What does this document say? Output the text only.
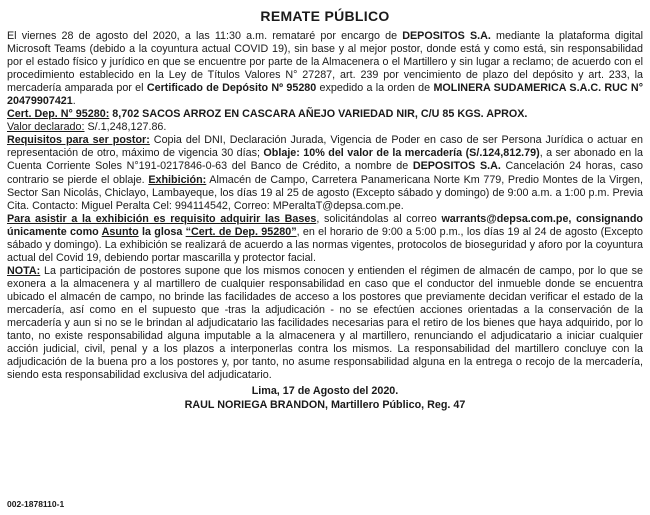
REMATE PÚBLICO

El viernes 28 de agosto del 2020, a las 11:30 a.m. remataré por encargo de DEPOSITOS S.A. mediante la plataforma digital Microsoft Teams (debido a la coyuntura actual COVID 19), sin base y al mejor postor, donde está y como está, sin responsabilidad por el estado físico y jurídico en que se encuentre por parte de la Almacenera o el Martillero y sin lugar a reclamo; de acuerdo con el procedimiento establecido en la Ley de Títulos Valores N° 27287, art. 239 por vencimiento de plazo del depósito y art. 233, la mercadería amparada por el Certificado de Depósito Nº 95280 expedido a la orden de MOLINERA SUDAMERICA S.A.C. RUC N° 20479907421.

Cert. Dep. N° 95280: 8,702 SACOS ARROZ EN CASCARA AÑEJO VARIEDAD NIR, C/U 85 KGS. APROX.

Valor declarado: S/.1,248,127.86.

Requisitos para ser postor: Copia del DNI, Declaración Jurada, Vigencia de Poder en caso de ser Persona Jurídica o actuar en representación de otro, máximo de vigencia 30 días; Oblaje: 10% del valor de la mercadería (S/.124,812.79), a ser abonado en la Cuenta Corriente Soles N°191-0217846-0-63 del Banco de Crédito, a nombre de DEPOSITOS S.A. Cancelación 24 horas, caso contrario se pierde el oblaje. Exhibición: Almacén de Campo, Carretera Panamericana Norte Km 779, Predio Montes de la Virgen, Sector San Nicolás, Chiclayo, Lambayeque, los días 19 al 25 de agosto (Excepto sábado y domingo) de 9:00 a.m. a 1:00 p.m. Previa Cita. Contacto: Miguel Peralta Cel: 994114542, Correo: MPeraltaT@depsa.com.pe.

Para asistir a la exhibición es requisito adquirir las Bases, solicitándolas al correo warrants@depsa.com.pe, consignando únicamente como Asunto la glosa “Cert. de Dep. 95280”, en el horario de 9:00 a 5:00 p.m., los días 19 al 24 de agosto (Excepto sábado y domingo). La exhibición se realizará de acuerdo a las normas vigentes, protocolos de bioseguridad y aforo por la coyuntura actual del Covid 19, debiendo portar mascarilla y protector facial.

NOTA: La participación de postores supone que los mismos conocen y entienden el régimen de almacén de campo, por lo que se exonera a la almacenera y al martillero de cualquier responsabilidad en caso que el conductor del inmueble donde se encuentra ubicado el almacén de campo, no brinde las facilidades de acceso a los postores que previamente decidan verificar el estado de la mercadería, así como en el supuesto que -tras la adjudicación - no se efectúen acciones orientadas a la conservación de la mercadería y aun si no se le brindan al adjudicatario las facilidades necesarias para el retiro de los bienes que haya adquirido, por lo tanto, no existe responsabilidad alguna imputable a la almacenera y al martillero, renunciando el adjudicatario a iniciar cualquier acción judicial, civil, penal y a los plazos a interponerlas contra los mismos. La responsabilidad del martillero concluye con la adjudicación de la buena pro a los postores y, por tanto, no asume responsabilidad alguna en la entrega o recojo de la mercadería, siendo esta responsabilidad exclusiva del adjudicatario.

Lima, 17 de Agosto del 2020.
RAUL NORIEGA BRANDON, Martillero Público, Reg. 47
002-1878110-1
